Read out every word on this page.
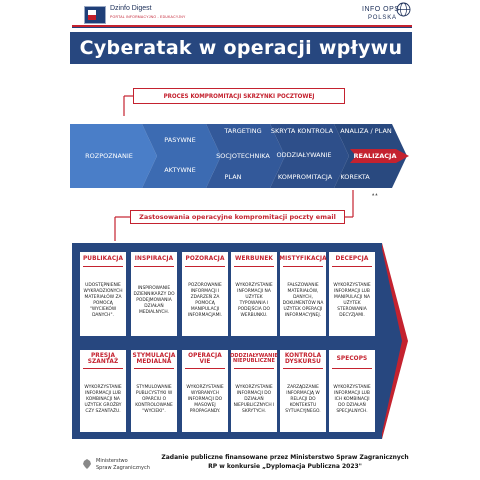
Dzinfo Digest
PORTAL INFORMACYJNO - EDUKACYJNY
INFO OPS
POLSKA
Cyberatak w operacji wpływu
PROCES KOMPROMITACJI SKRZYNKI POCZTOWEJ
ROZPOZNANIE
PASYWNE
AKTYWNE
TARGETING
SOCJOTECHNIKA
PLAN
SKRYTA KONTROLA
ODDZIAŁYWANIE
KOMPROMITACJA
ANALIZA / PLAN
REALIZACJA
KOREKTA
▲ ▲
Zastosowania operacyjne kompromitacji poczty email
PUBLIKACJA
UDOSTĘPNIENIE WYKRADZIONYCH MATERIAŁÓW ZA POMOCĄ "WYCIEKÓW DANYCH".
INSPIRACJA
INSPIROWANIE DZIENNIKARZY DO PODEJMOWANIA DZIAŁAŃ MEDIALNYCH.
POZORACJA
POZOROWANIE INFORMACJI I ZDARZEŃ ZA POMOCĄ MANIPULACJI INFORMACJAMI.
WERBUNEK
WYKORZYSTANIE INFORMACJI NA UŻYTEK TYPOWANIA I PODEJŚCIA DO WERBUNKU.
MISTYFIKACJA
FAŁSZOWANIE MATERIAŁÓW, DANYCH, DOKUMENTÓW NA UŻYTEK OPERACJI INFORMACYJNEJ.
DECEPCJA
WYKORZYSTANIE INFORMACJI LUB MANIPULACJI NA UŻYTEK STEROWANIA DECYZJAMI.
PRESJA SZANTAŻ
WYKORZYSTANIE INFORMACJI LUB KOMBINACJI NA UŻYTEK GROŹBY CZY SZANTAŻU.
STYMULACJA MEDIALNA
STYMULOWANIE PUBLICYSTYKI W OPARCIU O KONTROLOWANE "WYCIEKI".
OPERACJA VIE
WYKORZYSTANIE WYBRANYCH INFORMACJI DO MASOWEJ PROPAGANDY.
ODDZIAŁYWANIE NIEPUBLICZNE
WYKORZYSTANIE INFORMACJI DO DZIAŁAŃ NIEPUBLICZNYCH I SKRYTYCH.
KONTROLA DYSKURSU
ZARZĄDZANIE INFORMACJĄ W RELACJI DO KONTEKSTU SYTUACYJNEGO.
SPECOPS
WYKORZYSTANIE INFORMACJI LUB ICH KOMBINACJI DO DZIAŁAŃ SPECJALNYCH.
Ministerstwo
Spraw Zagranicznych
Zadanie publiczne finansowane przez Ministerstwo Spraw Zagranicznych
RP w konkursie „Dyplomacja Publiczna 2023"
